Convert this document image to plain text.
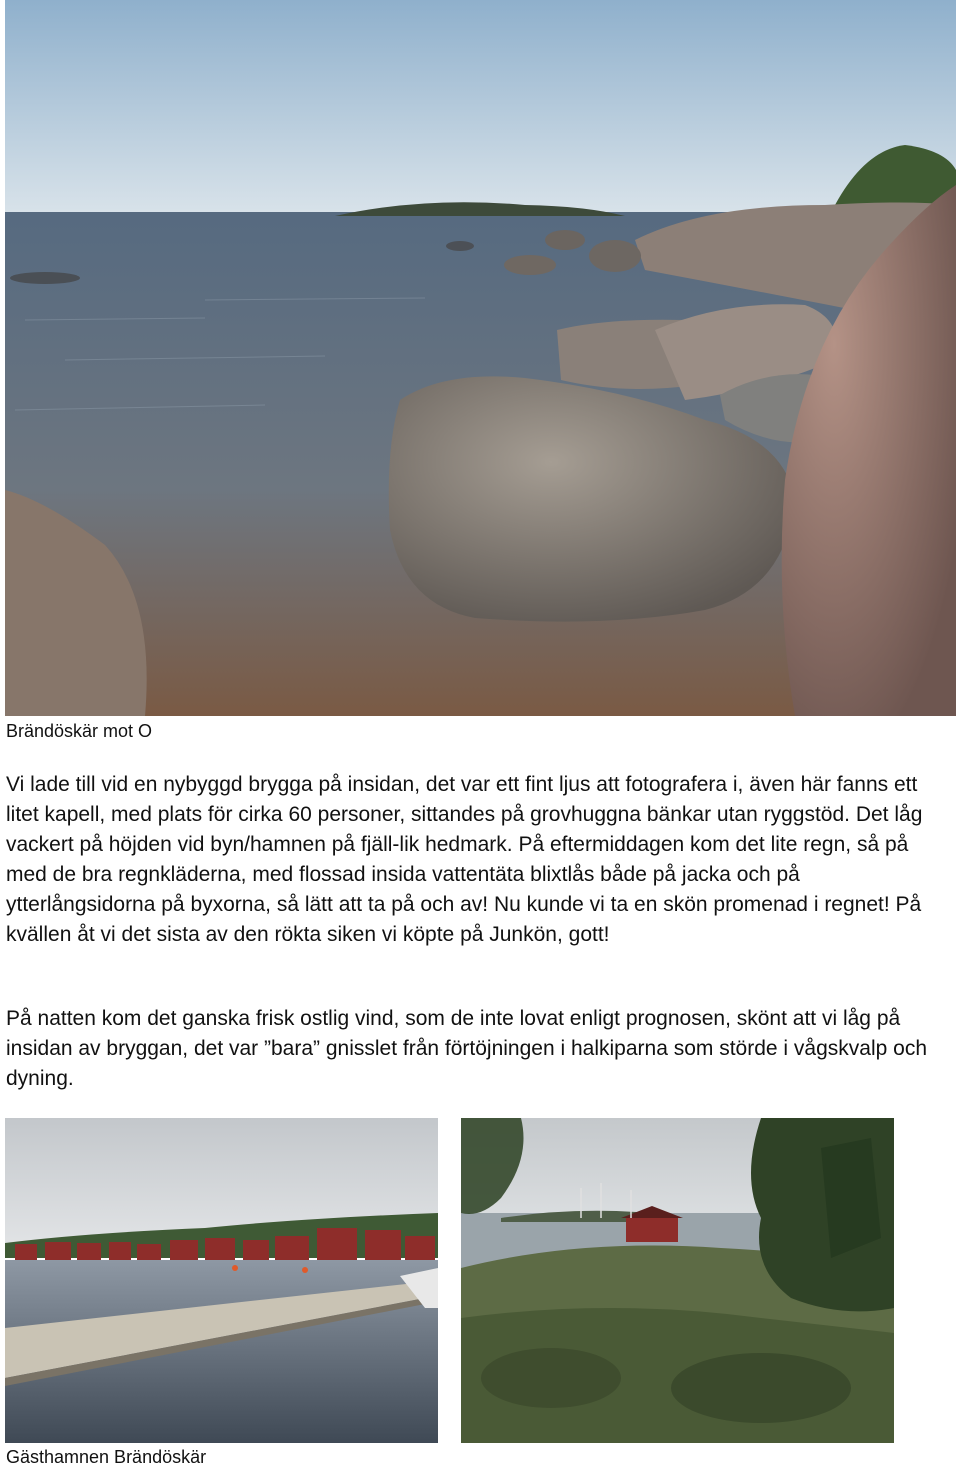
Brändöskär mot O

Vi lade till vid en nybyggd brygga på insidan, det var ett fint ljus att fotografera i, även här fanns ett litet kapell, med plats för cirka 60 personer, sittandes på grovhuggna bänkar utan ryggstöd. Det låg vackert på höjden vid byn/hamnen på fjäll-lik hedmark. På eftermiddagen kom det lite regn, så på med de bra regnkläderna, med flossad insida vattentäta blixtlås både på jacka och på ytterlångsidorna på byxorna, så lätt att ta på och av! Nu kunde vi ta en skön promenad i regnet! På kvällen åt vi det sista av den rökta siken vi köpte på Junkön, gott!

På natten kom det ganska frisk ostlig vind, som de inte lovat enligt prognosen, skönt att vi låg på insidan av bryggan, det var ”bara” gnisslet från förtöjningen i halkiparna som störde i vågskvalp och dyning.

Gästhamnen Brändöskär
